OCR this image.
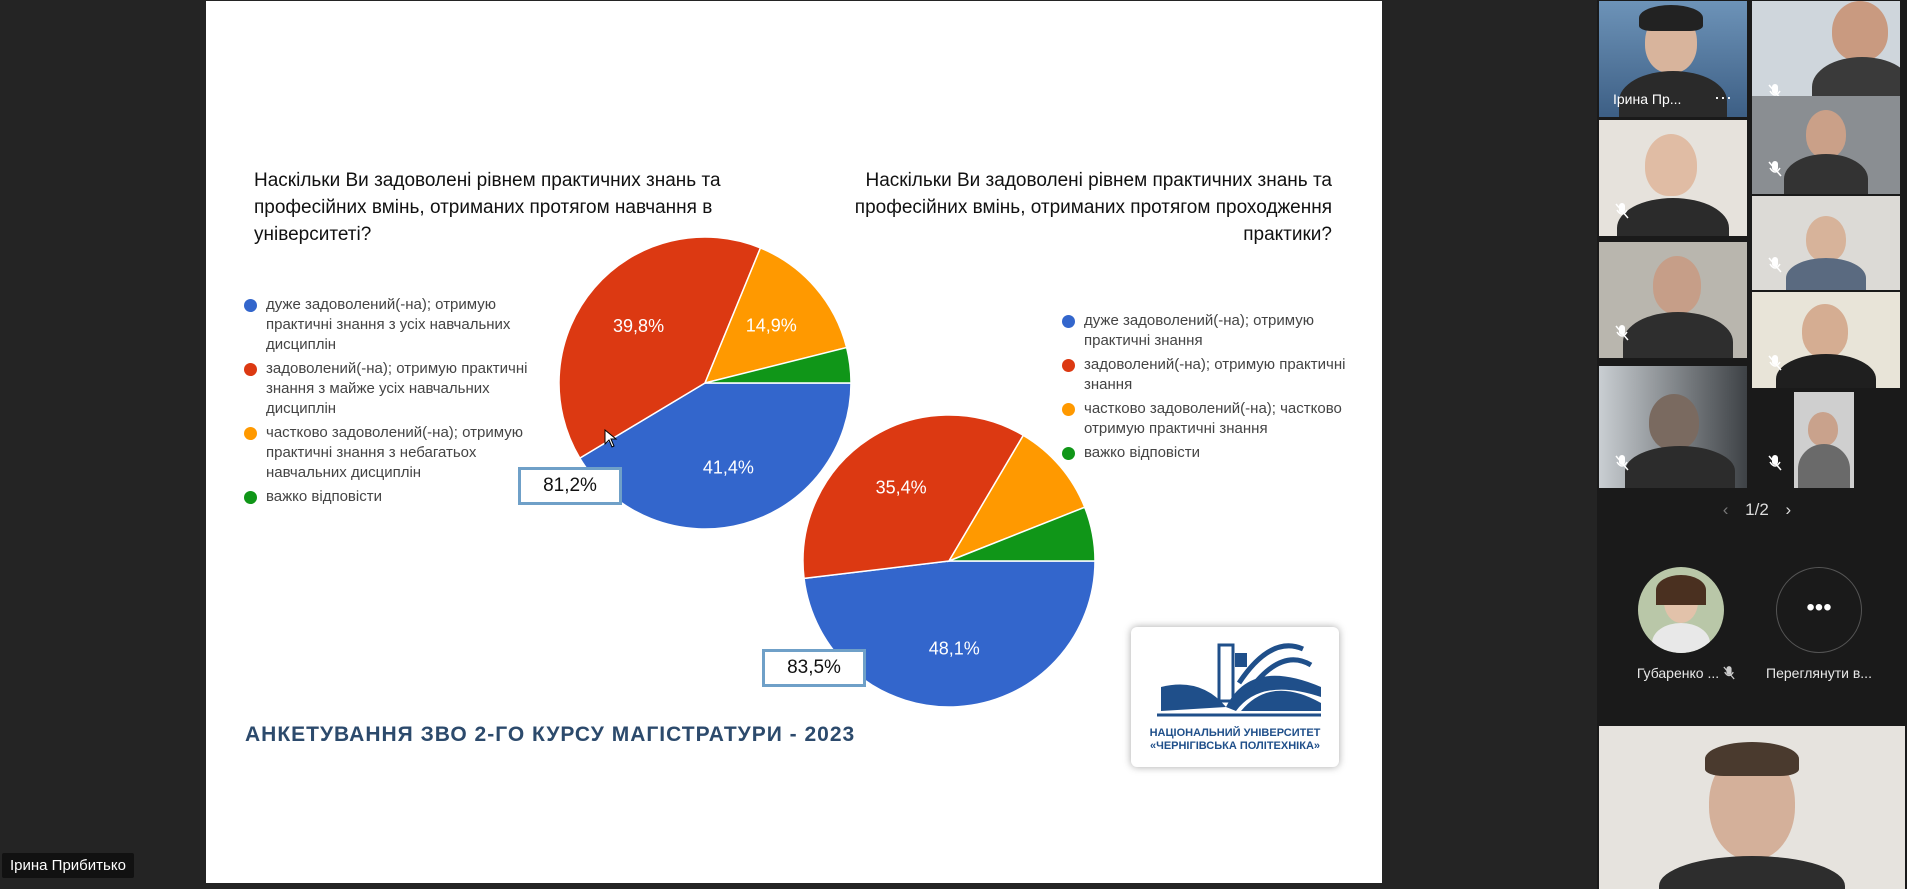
Наскільки Ви задоволені рівнем практичних знань та професійних вмінь, отриманих протягом навчання в університеті?

Наскільки Ви задоволені рівнем практичних знань та професійних вмінь, отриманих протягом проходження практики?

дуже задоволений(-на); отримую практичні знання з усіх навчальних дисциплін
задоволений(-на); отримую практичні знання з майже усіх навчальних дисциплін
частково задоволений(-на); отримую практичні знання з небагатьох навчальних дисциплін
важко відповісти
дуже задоволений(-на); отримую практичні знання
задоволений(-на); отримую практичні знання
частково задоволений(-на); частково отримую практичні знання
важко відповісти
41,4%
39,8%	14,9%
48,1%
35,4%
81,2%
83,5%
АНКЕТУВАННЯ ЗВО 2-ГО КУРСУ МАГІСТРАТУРИ - 2023	НАЦІОНАЛЬНИЙ УНІВЕРСИТЕТ
«ЧЕРНІГІВСЬКА ПОЛІТЕХНІКА»
Ірина Прибитько
Ірина Пр... ⋯
‹ 1/2 ›
Губаренко ...
•••
Переглянути в...
